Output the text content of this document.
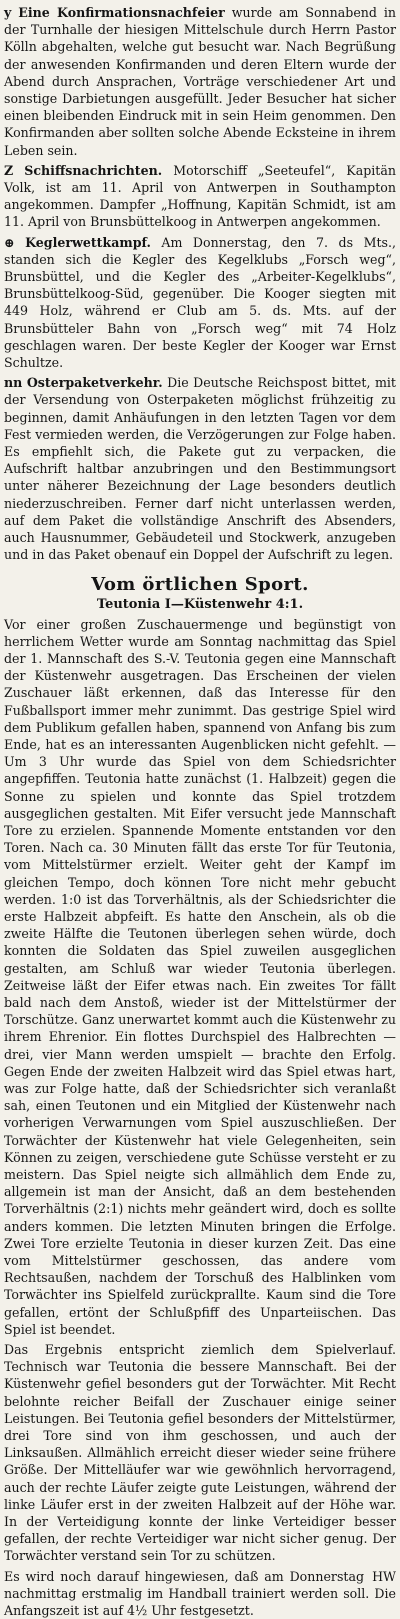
y Eine Konfirmationsnachfeier wurde am Sonnabend in der Turnhalle der hiesigen Mittelschule durch Herrn Pastor Kölln abgehalten, welche gut besucht war. Nach Begrüßung der anwesenden Konfirmanden und deren Eltern wurde der Abend durch Ansprachen, Vorträge verschiedener Art und sonstige Darbietungen ausgefüllt. Jeder Besucher hat sicher einen bleibenden Eindruck mit in sein Heim genommen. Den Konfirmanden aber sollten solche Abende Ecksteine in ihrem Leben sein.

Z Schiffsnachrichten. Motorschiff „Seeteufel“, Kapitän Volk, ist am 11. April von Antwerpen in Southampton angekommen. Dampfer „Hoffnung, Kapitän Schmidt, ist am 11. April von Brunsbüttelkoog in Antwerpen angekommen.

⊕ Keglerwettkampf. Am Donnerstag, den 7. ds Mts., standen sich die Kegler des Kegelklubs „Forsch weg“, Brunsbüttel, und die Kegler des „Arbeiter-Kegelklubs“, Brunsbüttelkoog-Süd, gegenüber. Die Kooger siegten mit 449 Holz, während er Club am 5. ds. Mts. auf der Brunsbütteler Bahn von „Forsch weg“ mit 74 Holz geschlagen waren. Der beste Kegler der Kooger war Ernst Schultze.

nn Osterpaketverkehr. Die Deutsche Reichspost bittet, mit der Versendung von Osterpaketen möglichst frühzeitig zu beginnen, damit Anhäufungen in den letzten Tagen vor dem Fest vermieden werden, die Verzögerungen zur Folge haben. Es empfiehlt sich, die Pakete gut zu verpacken, die Aufschrift haltbar anzubringen und den Bestimmungsort unter näherer Bezeichnung der Lage besonders deutlich niederzuschreiben. Ferner darf nicht unterlassen werden, auf dem Paket die vollständige Anschrift des Absenders, auch Hausnummer, Gebäudeteil und Stockwerk, anzugeben und in das Paket obenauf ein Doppel der Aufschrift zu legen.

Vom örtlichen Sport.
Teutonia I—Küstenwehr 4:1.

Vor einer großen Zuschauermenge und begünstigt von herrlichem Wetter wurde am Sonntag nachmittag das Spiel der 1. Mannschaft des S.-V. Teutonia gegen eine Mannschaft der Küstenwehr ausgetragen. Das Erscheinen der vielen Zuschauer läßt erkennen, daß das Interesse für den Fußballsport immer mehr zunimmt. Das gestrige Spiel wird dem Publikum gefallen haben, spannend von Anfang bis zum Ende, hat es an interessanten Augenblicken nicht gefehlt. — Um 3 Uhr wurde das Spiel von dem Schiedsrichter angepfiffen. Teutonia hatte zunächst (1. Halbzeit) gegen die Sonne zu spielen und konnte das Spiel trotzdem ausgeglichen gestalten. Mit Eifer versucht jede Mannschaft Tore zu erzielen. Spannende Momente entstanden vor den Toren. Nach ca. 30 Minuten fällt das erste Tor für Teutonia, vom Mittelstürmer erzielt. Weiter geht der Kampf im gleichen Tempo, doch können Tore nicht mehr gebucht werden. 1:0 ist das Torverhältnis, als der Schiedsrichter die erste Halbzeit abpfeift. Es hatte den Anschein, als ob die zweite Hälfte die Teutonen überlegen sehen würde, doch konnten die Soldaten das Spiel zuweilen ausgeglichen gestalten, am Schluß war wieder Teutonia überlegen. Zeitweise läßt der Eifer etwas nach. Ein zweites Tor fällt bald nach dem Anstoß, wieder ist der Mittelstürmer der Torschütze. Ganz unerwartet kommt auch die Küstenwehr zu ihrem Ehrenior. Ein flottes Durchspiel des Halbrechten — drei, vier Mann werden umspielt — brachte den Erfolg. Gegen Ende der zweiten Halbzeit wird das Spiel etwas hart, was zur Folge hatte, daß der Schiedsrichter sich veranlaßt sah, einen Teutonen und ein Mitglied der Küstenwehr nach vorherigen Verwarnungen vom Spiel auszuschließen. Der Torwächter der Küstenwehr hat viele Gelegenheiten, sein Können zu zeigen, verschiedene gute Schüsse versteht er zu meistern. Das Spiel neigte sich allmählich dem Ende zu, allgemein ist man der Ansicht, daß an dem bestehenden Torverhältnis (2:1) nichts mehr geändert wird, doch es sollte anders kommen. Die letzten Minuten bringen die Erfolge. Zwei Tore erzielte Teutonia in dieser kurzen Zeit. Das eine vom Mittelstürmer geschossen, das andere vom Rechtsaußen, nachdem der Torschuß des Halblinken vom Torwächter ins Spielfeld zurückprallte. Kaum sind die Tore gefallen, ertönt der Schlußpfiff des Unparteiischen. Das Spiel ist beendet.

Das Ergebnis entspricht ziemlich dem Spielverlauf. Technisch war Teutonia die bessere Mannschaft. Bei der Küstenwehr gefiel besonders gut der Torwächter. Mit Recht belohnte reicher Beifall der Zuschauer einige seiner Leistungen. Bei Teutonia gefiel besonders der Mittelstürmer, drei Tore sind von ihm geschossen, und auch der Linksaußen. Allmählich erreicht dieser wieder seine frühere Größe. Der Mittelläufer war wie gewöhnlich hervorragend, auch der rechte Läufer zeigte gute Leistungen, während der linke Läufer erst in der zweiten Halbzeit auf der Höhe war. In der Verteidigung konnte der linke Verteidiger besser gefallen, der rechte Verteidiger war nicht sicher genug. Der Torwächter verstand sein Tor zu schützen.

HW
Es wird noch darauf hingewiesen, daß am Donnerstag nachmittag erstmalig im Handball trainiert werden soll. Die Anfangszeit ist auf 4½ Uhr festgesetzt.
